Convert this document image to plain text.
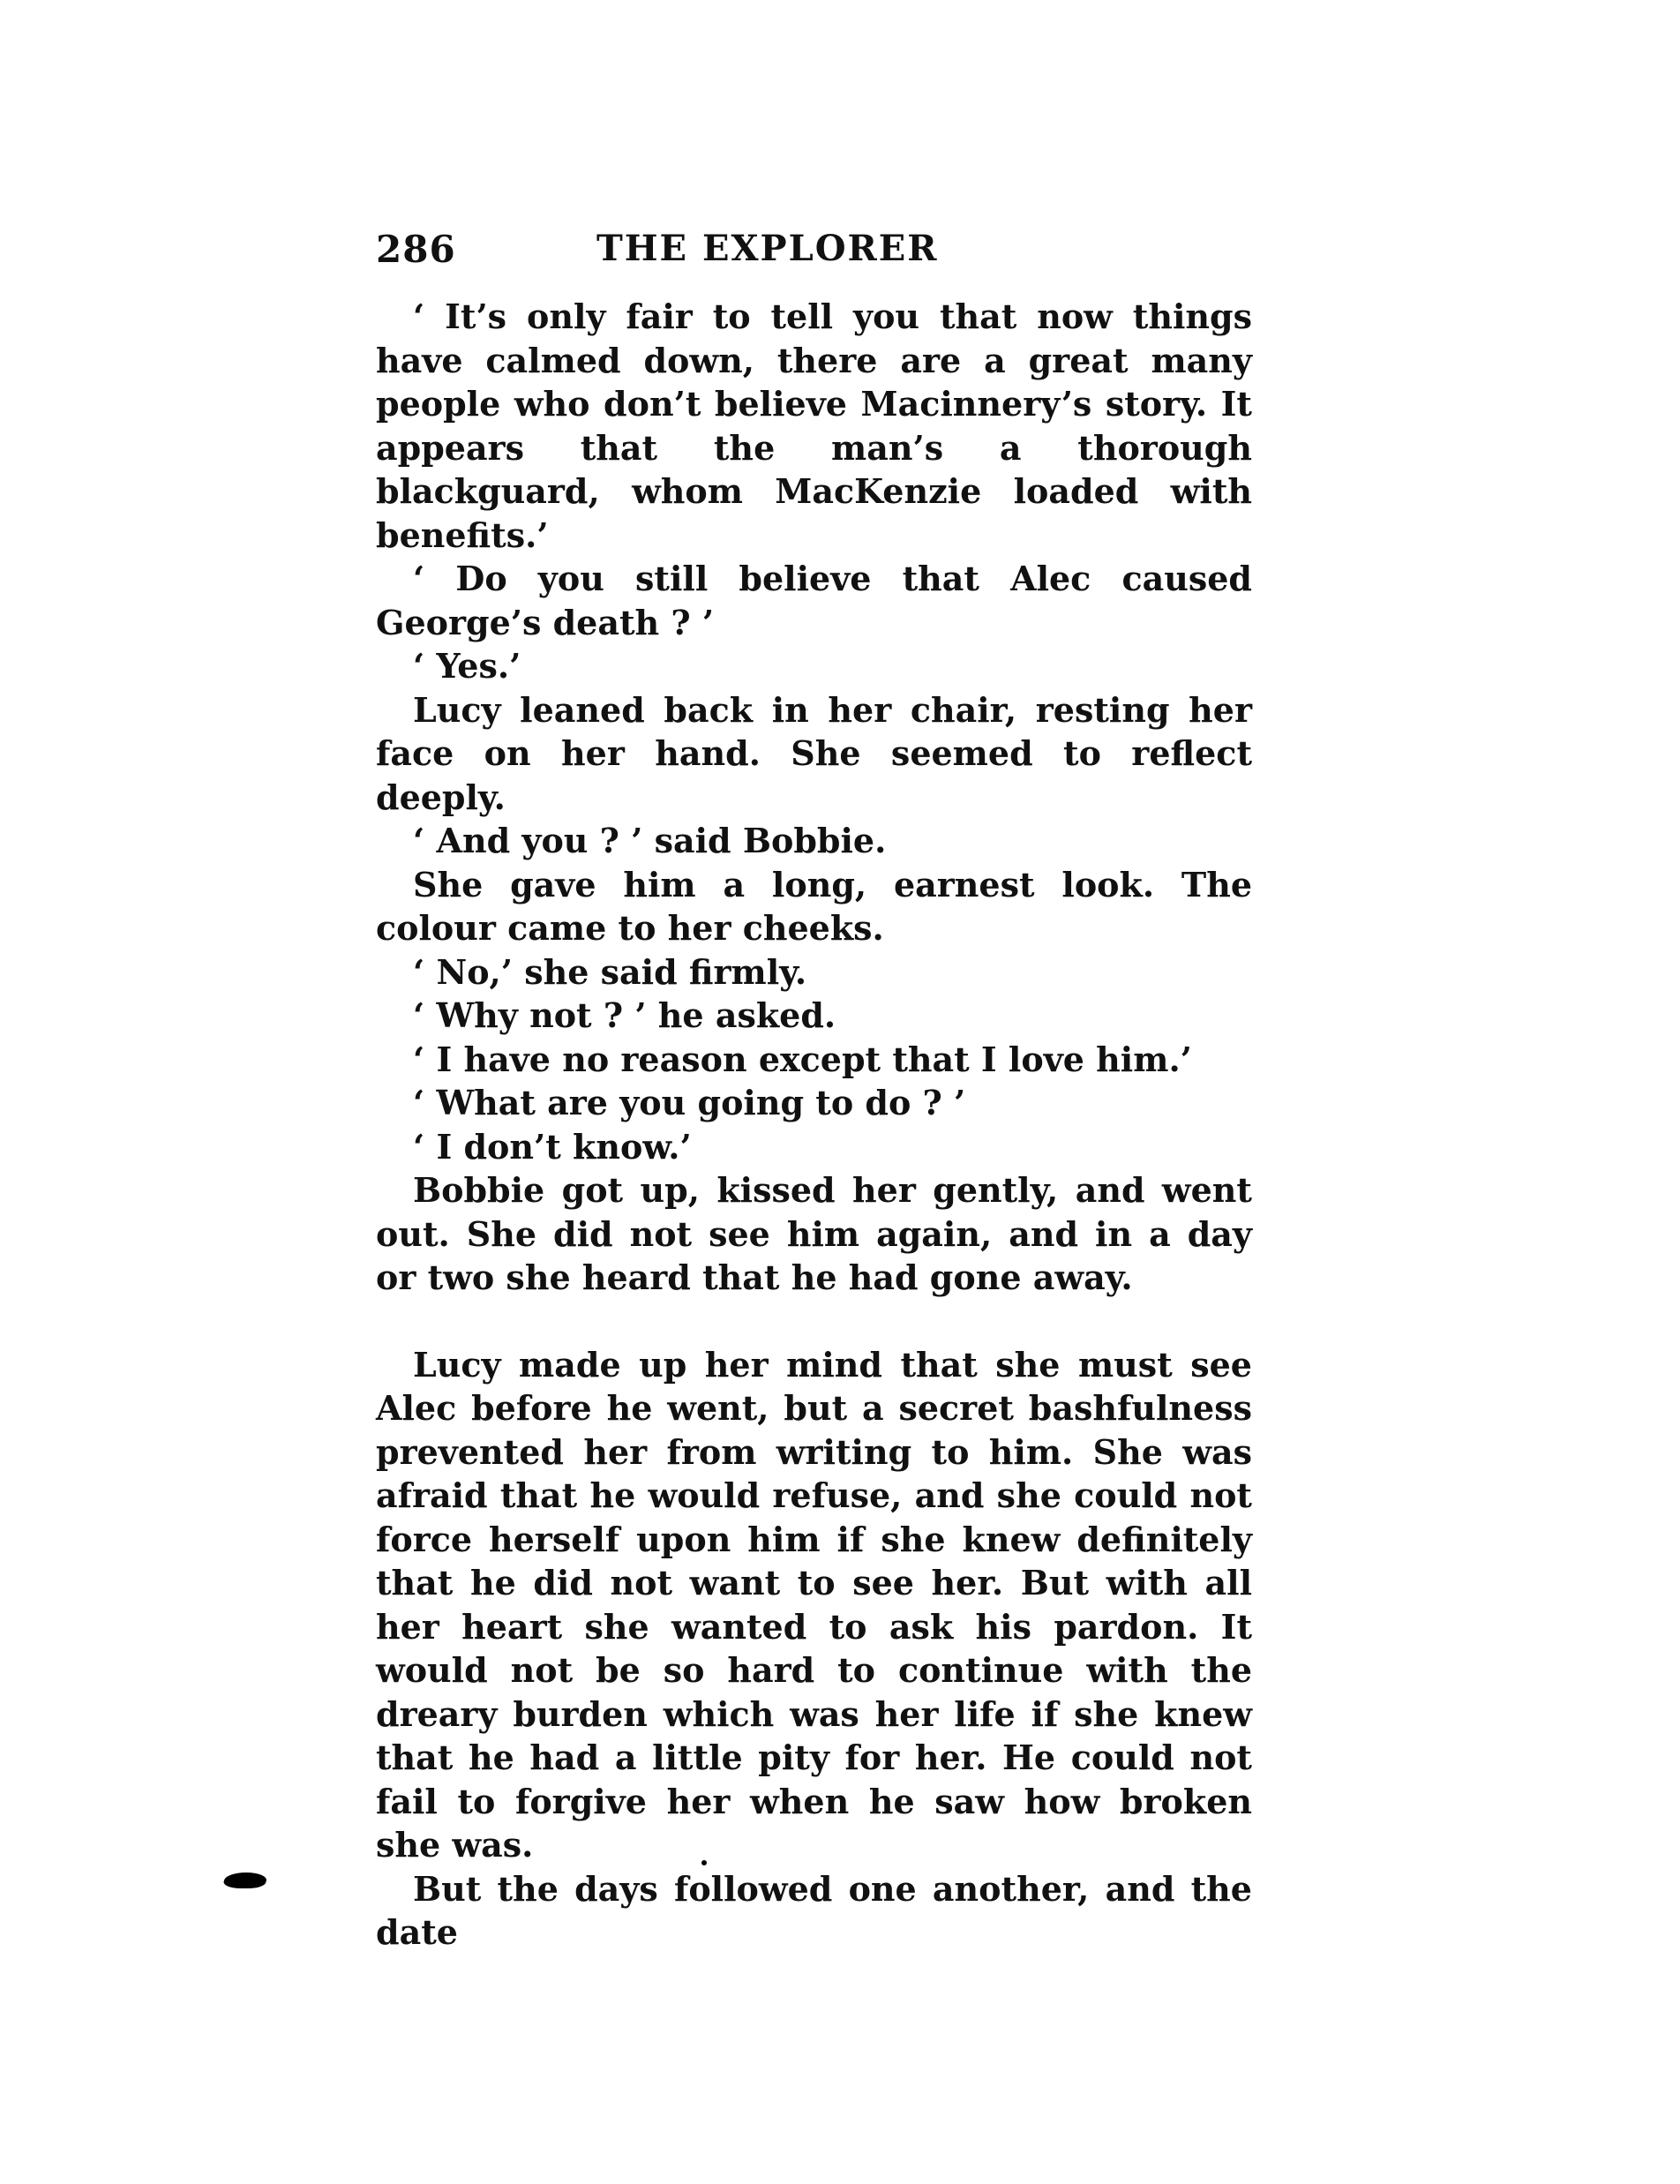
286	THE EXPLORER

‘ It’s only fair to tell you that now things have calmed down, there are a great many people who don’t believe Macinnery’s story. It appears that the man’s a thorough blackguard, whom MacKenzie loaded with benefits.’

‘ Do you still believe that Alec caused George’s death ? ’

‘ Yes.’

Lucy leaned back in her chair, resting her face on her hand. She seemed to reflect deeply.

‘ And you ? ’ said Bobbie.

She gave him a long, earnest look. The colour came to her cheeks.

‘ No,’ she said firmly.

‘ Why not ? ’ he asked.

‘ I have no reason except that I love him.’

‘ What are you going to do ? ’

‘ I don’t know.’

Bobbie got up, kissed her gently, and went out. She did not see him again, and in a day or two she heard that he had gone away.

Lucy made up her mind that she must see Alec before he went, but a secret bashfulness prevented her from writing to him. She was afraid that he would refuse, and she could not force herself upon him if she knew definitely that he did not want to see her. But with all her heart she wanted to ask his pardon. It would not be so hard to continue with the dreary burden which was her life if she knew that he had a little pity for her. He could not fail to forgive her when he saw how broken she was.

But the days followed one another, and the date
